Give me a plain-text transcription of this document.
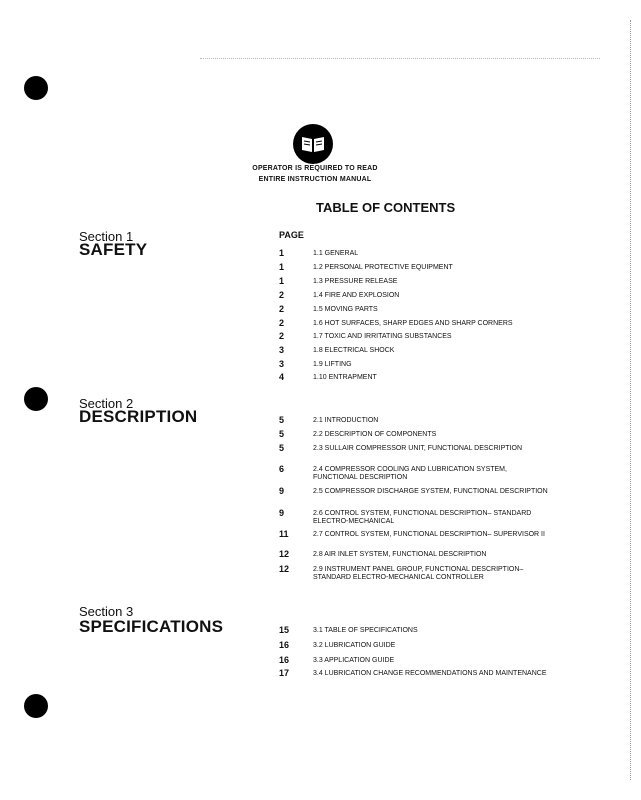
OPERATOR IS REQUIRED TO READ
ENTIRE INSTRUCTION MANUAL
TABLE OF CONTENTS
PAGE
Section 1
SAFETY	1	1.1 GENERAL
1	1.2 PERSONAL PROTECTIVE EQUIPMENT
1	1.3 PRESSURE RELEASE
2	1.4 FIRE AND EXPLOSION
2	1.5 MOVING PARTS
2	1.6 HOT SURFACES, SHARP EDGES AND SHARP CORNERS
2	1.7 TOXIC AND IRRITATING SUBSTANCES
3	1.8 ELECTRICAL SHOCK
3	1.9 LIFTING
4	1.10 ENTRAPMENT
Section 2
DESCRIPTION	5	2.1 INTRODUCTION
5	2.2 DESCRIPTION OF COMPONENTS
5	2.3 SULLAIR COMPRESSOR UNIT, FUNCTIONAL DESCRIPTION
6	2.4 COMPRESSOR COOLING AND LUBRICATION SYSTEM, FUNCTIONAL DESCRIPTION
9	2.5 COMPRESSOR DISCHARGE SYSTEM, FUNCTIONAL DESCRIPTION
9	2.6 CONTROL SYSTEM, FUNCTIONAL DESCRIPTION– STANDARD ELECTRO-MECHANICAL
11	2.7 CONTROL SYSTEM, FUNCTIONAL DESCRIPTION– SUPERVISOR II
12	2.8 AIR INLET SYSTEM, FUNCTIONAL DESCRIPTION
12	2.9 INSTRUMENT PANEL GROUP, FUNCTIONAL DESCRIPTION– STANDARD ELECTRO-MECHANICAL CONTROLLER
Section 3
SPECIFICATIONS	15	3.1 TABLE OF SPECIFICATIONS
16	3.2 LUBRICATION GUIDE
16	3.3 APPLICATION GUIDE
17	3.4 LUBRICATION CHANGE RECOMMENDATIONS AND MAINTENANCE
